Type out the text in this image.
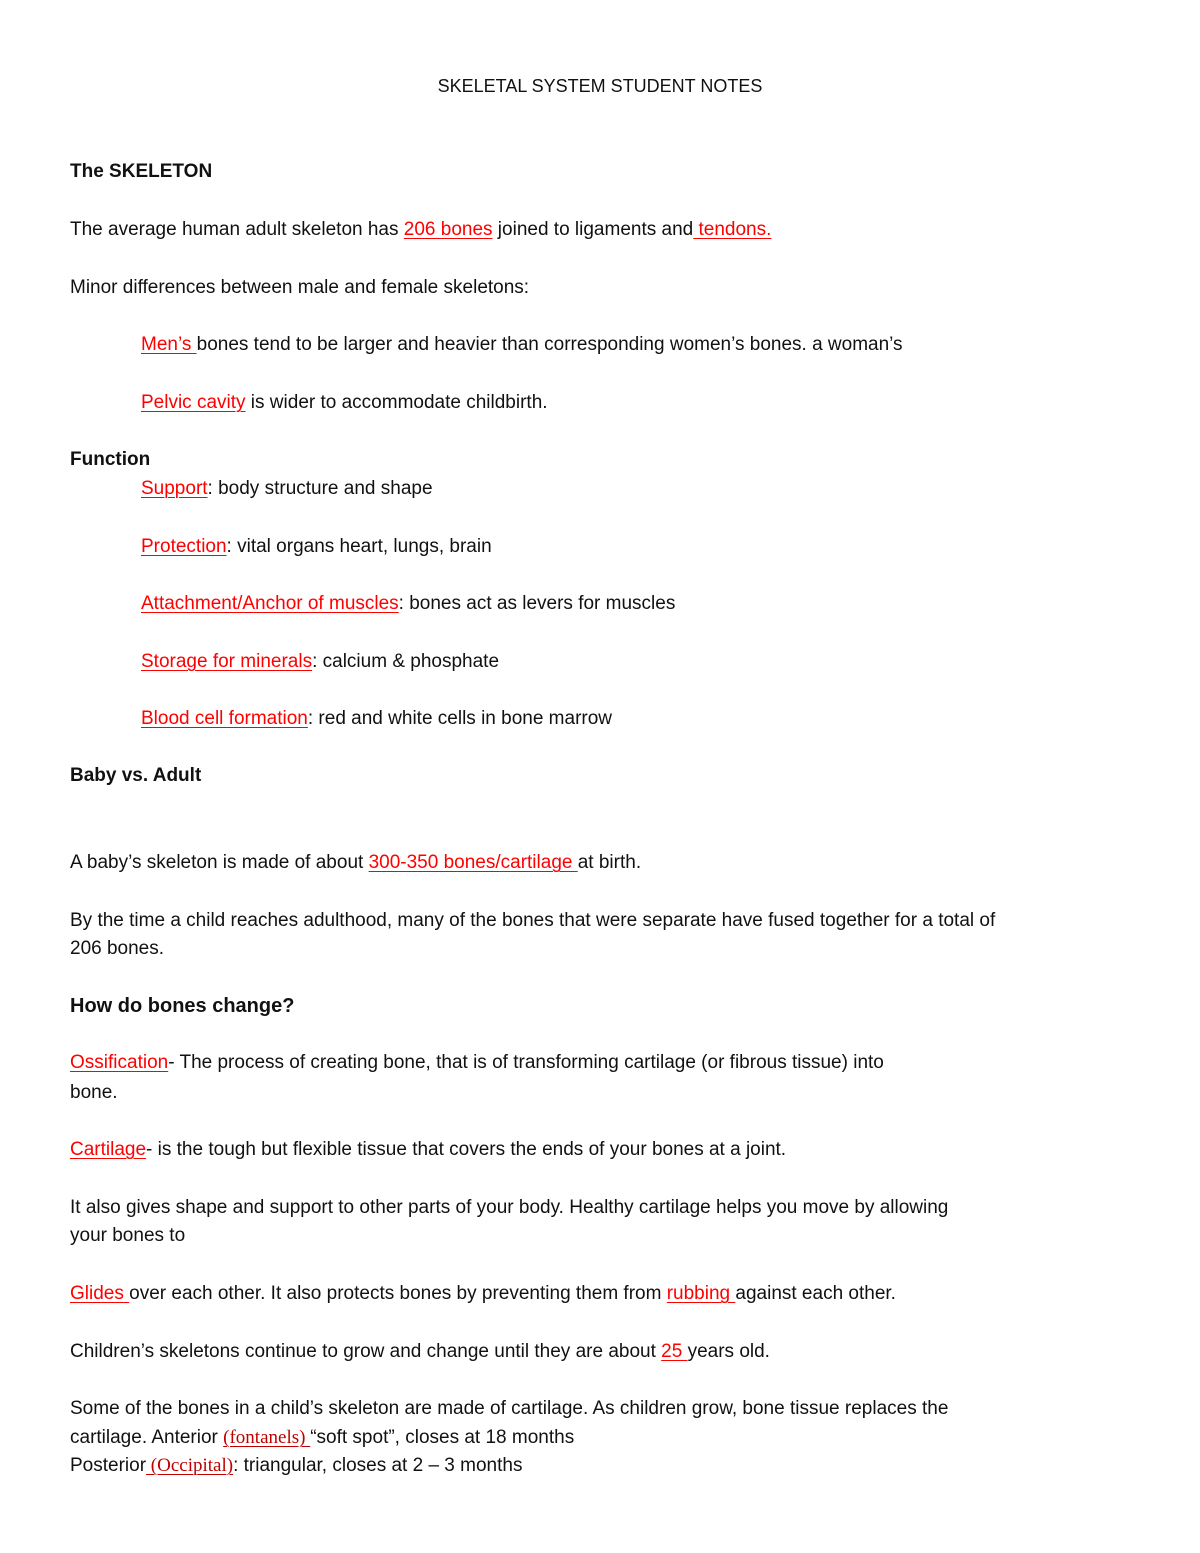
SKELETAL SYSTEM STUDENT NOTES
The SKELETON
The average human adult skeleton has 206 bones joined to ligaments and tendons.
Minor differences between male and female skeletons:
Men’s bones tend to be larger and heavier than corresponding women’s bones. a woman’s
Pelvic cavity is wider to accommodate childbirth.
Function
Support: body structure and shape
Protection: vital organs heart, lungs, brain
Attachment/Anchor of muscles: bones act as levers for muscles
Storage for minerals: calcium & phosphate
Blood cell formation: red and white cells in bone marrow
Baby vs. Adult
A baby’s skeleton is made of about 300-350 bones/cartilage at birth.
By the time a child reaches adulthood, many of the bones that were separate have fused together for a total of
206 bones.
How do bones change?
Ossification- The process of creating bone, that is of transforming cartilage (or fibrous tissue) into
bone.
Cartilage- is the tough but flexible tissue that covers the ends of your bones at a joint.
It also gives shape and support to other parts of your body. Healthy cartilage helps you move by allowing
your bones to
Glides over each other. It also protects bones by preventing them from rubbing against each other.
Children’s skeletons continue to grow and change until they are about 25 years old.
Some of the bones in a child’s skeleton are made of cartilage. As children grow, bone tissue replaces the
cartilage. Anterior (fontanels) “soft spot”, closes at 18 months
Posterior (Occipital): triangular, closes at 2 – 3 months
